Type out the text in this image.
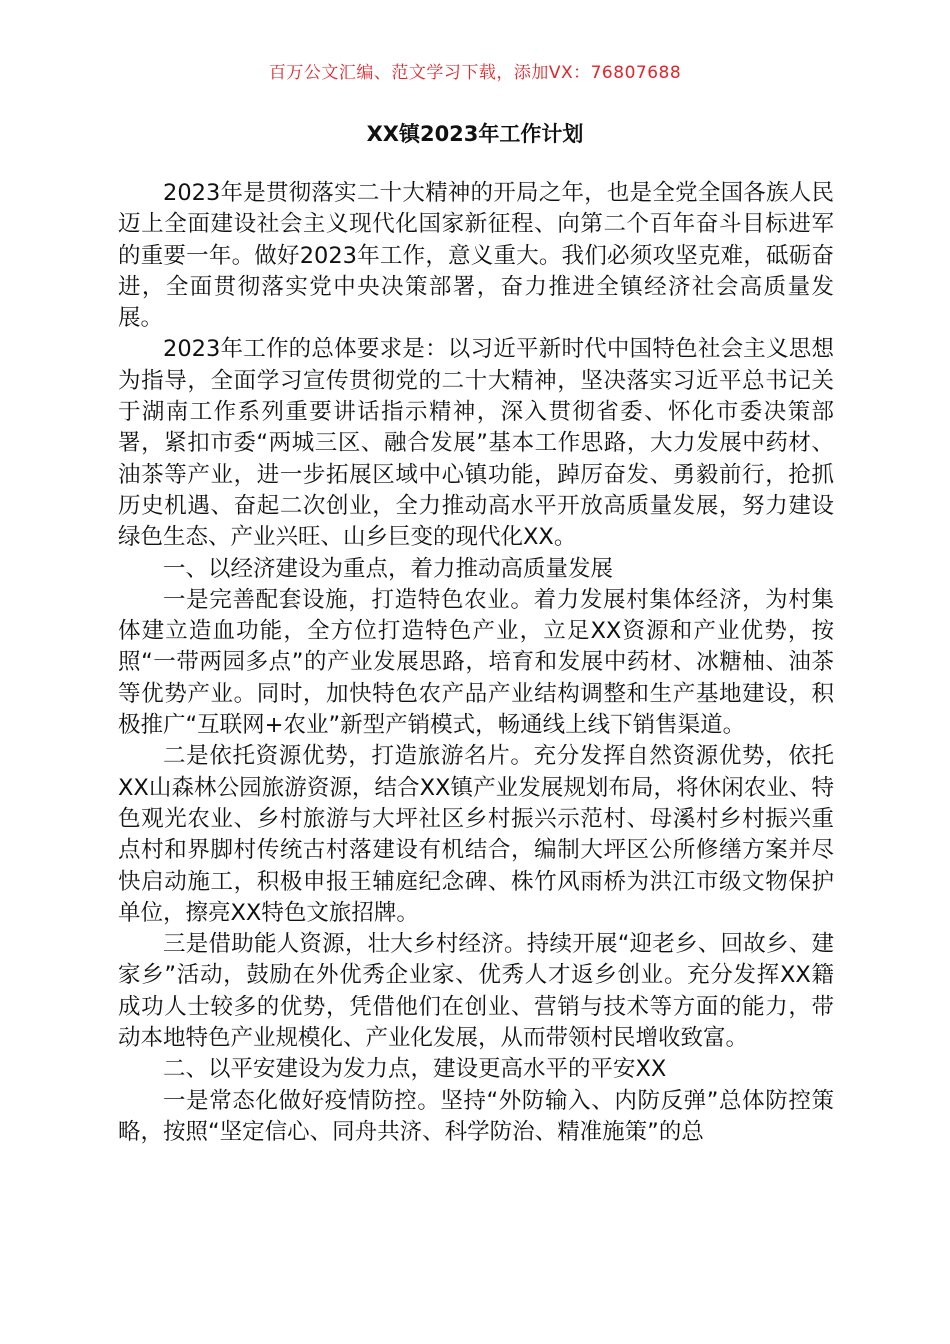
百万公文汇编、范文学习下载，添加VX：76807688
XX镇2023年工作计划

2023年是贯彻落实二十大精神的开局之年，也是全党全国各族人民迈上全面建设社会主义现代化国家新征程、向第二个百年奋斗目标进军的重要一年。做好2023年工作，意义重大。我们必须攻坚克难，砥砺奋进，全面贯彻落实党中央决策部署，奋力推进全镇经济社会高质量发展。

2023年工作的总体要求是：以习近平新时代中国特色社会主义思想为指导，全面学习宣传贯彻党的二十大精神，坚决落实习近平总书记关于湖南工作系列重要讲话指示精神，深入贯彻省委、怀化市委决策部署，紧扣市委“两城三区、融合发展”基本工作思路，大力发展中药材、油茶等产业，进一步拓展区域中心镇功能，踔厉奋发、勇毅前行，抢抓历史机遇、奋起二次创业，全力推动高水平开放高质量发展，努力建设绿色生态、产业兴旺、山乡巨变的现代化XX。

一、以经济建设为重点，着力推动高质量发展

一是完善配套设施，打造特色农业。着力发展村集体经济，为村集体建立造血功能，全方位打造特色产业，立足XX资源和产业优势，按照“一带两园多点”的产业发展思路，培育和发展中药材、冰糖柚、油茶等优势产业。同时，加快特色农产品产业结构调整和生产基地建设，积极推广“互联网+农业”新型产销模式，畅通线上线下销售渠道。

二是依托资源优势，打造旅游名片。充分发挥自然资源优势，依托XX山森林公园旅游资源，结合XX镇产业发展规划布局，将休闲农业、特色观光农业、乡村旅游与大坪社区乡村振兴示范村、母溪村乡村振兴重点村和界脚村传统古村落建设有机结合，编制大坪区公所修缮方案并尽快启动施工，积极申报王辅庭纪念碑、株竹风雨桥为洪江市级文物保护单位，擦亮XX特色文旅招牌。

三是借助能人资源，壮大乡村经济。持续开展“迎老乡、回故乡、建家乡”活动，鼓励在外优秀企业家、优秀人才返乡创业。充分发挥XX籍成功人士较多的优势，凭借他们在创业、营销与技术等方面的能力，带动本地特色产业规模化、产业化发展，从而带领村民增收致富。

二、以平安建设为发力点，建设更高水平的平安XX

一是常态化做好疫情防控。坚持“外防输入、内防反弹”总体防控策略，按照“坚定信心、同舟共济、科学防治、精准施策”的总
